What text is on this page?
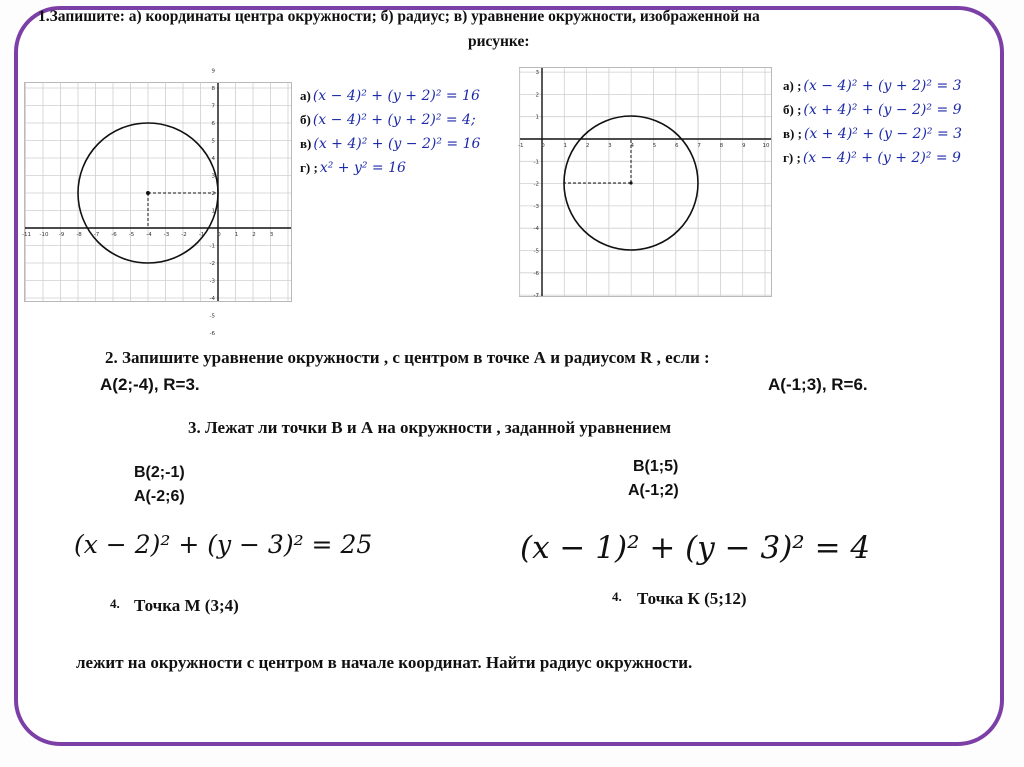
1.Запишите: а) координаты центра окружности; б) радиус; в) уравнение окружности, изображенной на
рисунке:
-11 -10 -9 -8 -7 -6 -5 -4 -3 -2 -1 0	1	2	3
9
8
7
6
5
4
3
2
1
-1
-2
-3
-4
-5
-6
а) (x − 4)² + (y + 2)² = 16
б) (x − 4)² + (y + 2)² = 4;
в) (x + 4)² + (y − 2)² = 16
г) ; x² + y² = 16
-1	0	1	2	3	4	5	6	7	8	9	10
3
2
1
-1
-2
-3
-4
-5
-6
-7
а) ; (x − 4)² + (y + 2)² = 3
б) ; (x + 4)² + (y − 2)² = 9
в) ; (x + 4)² + (y − 2)² = 3
г) ; (x − 4)² + (y + 2)² = 9
2. Запишите уравнение окружности , с центром в точке А и радиусом R , если :
A(2;-4), R=3.	A(-1;3), R=6.
3. Лежат ли точки В и А на окружности , заданной уравнением
B(2;-1)
A(-2;6)
B(1;5)
A(-1;2)
(x − 2)² + (y − 3)² = 25	(x − 1)² + (y − 3)² = 4
4. Точка М (3;4)	4. Точка К (5;12)
лежит на окружности с центром в начале координат. Найти радиус окружности.
